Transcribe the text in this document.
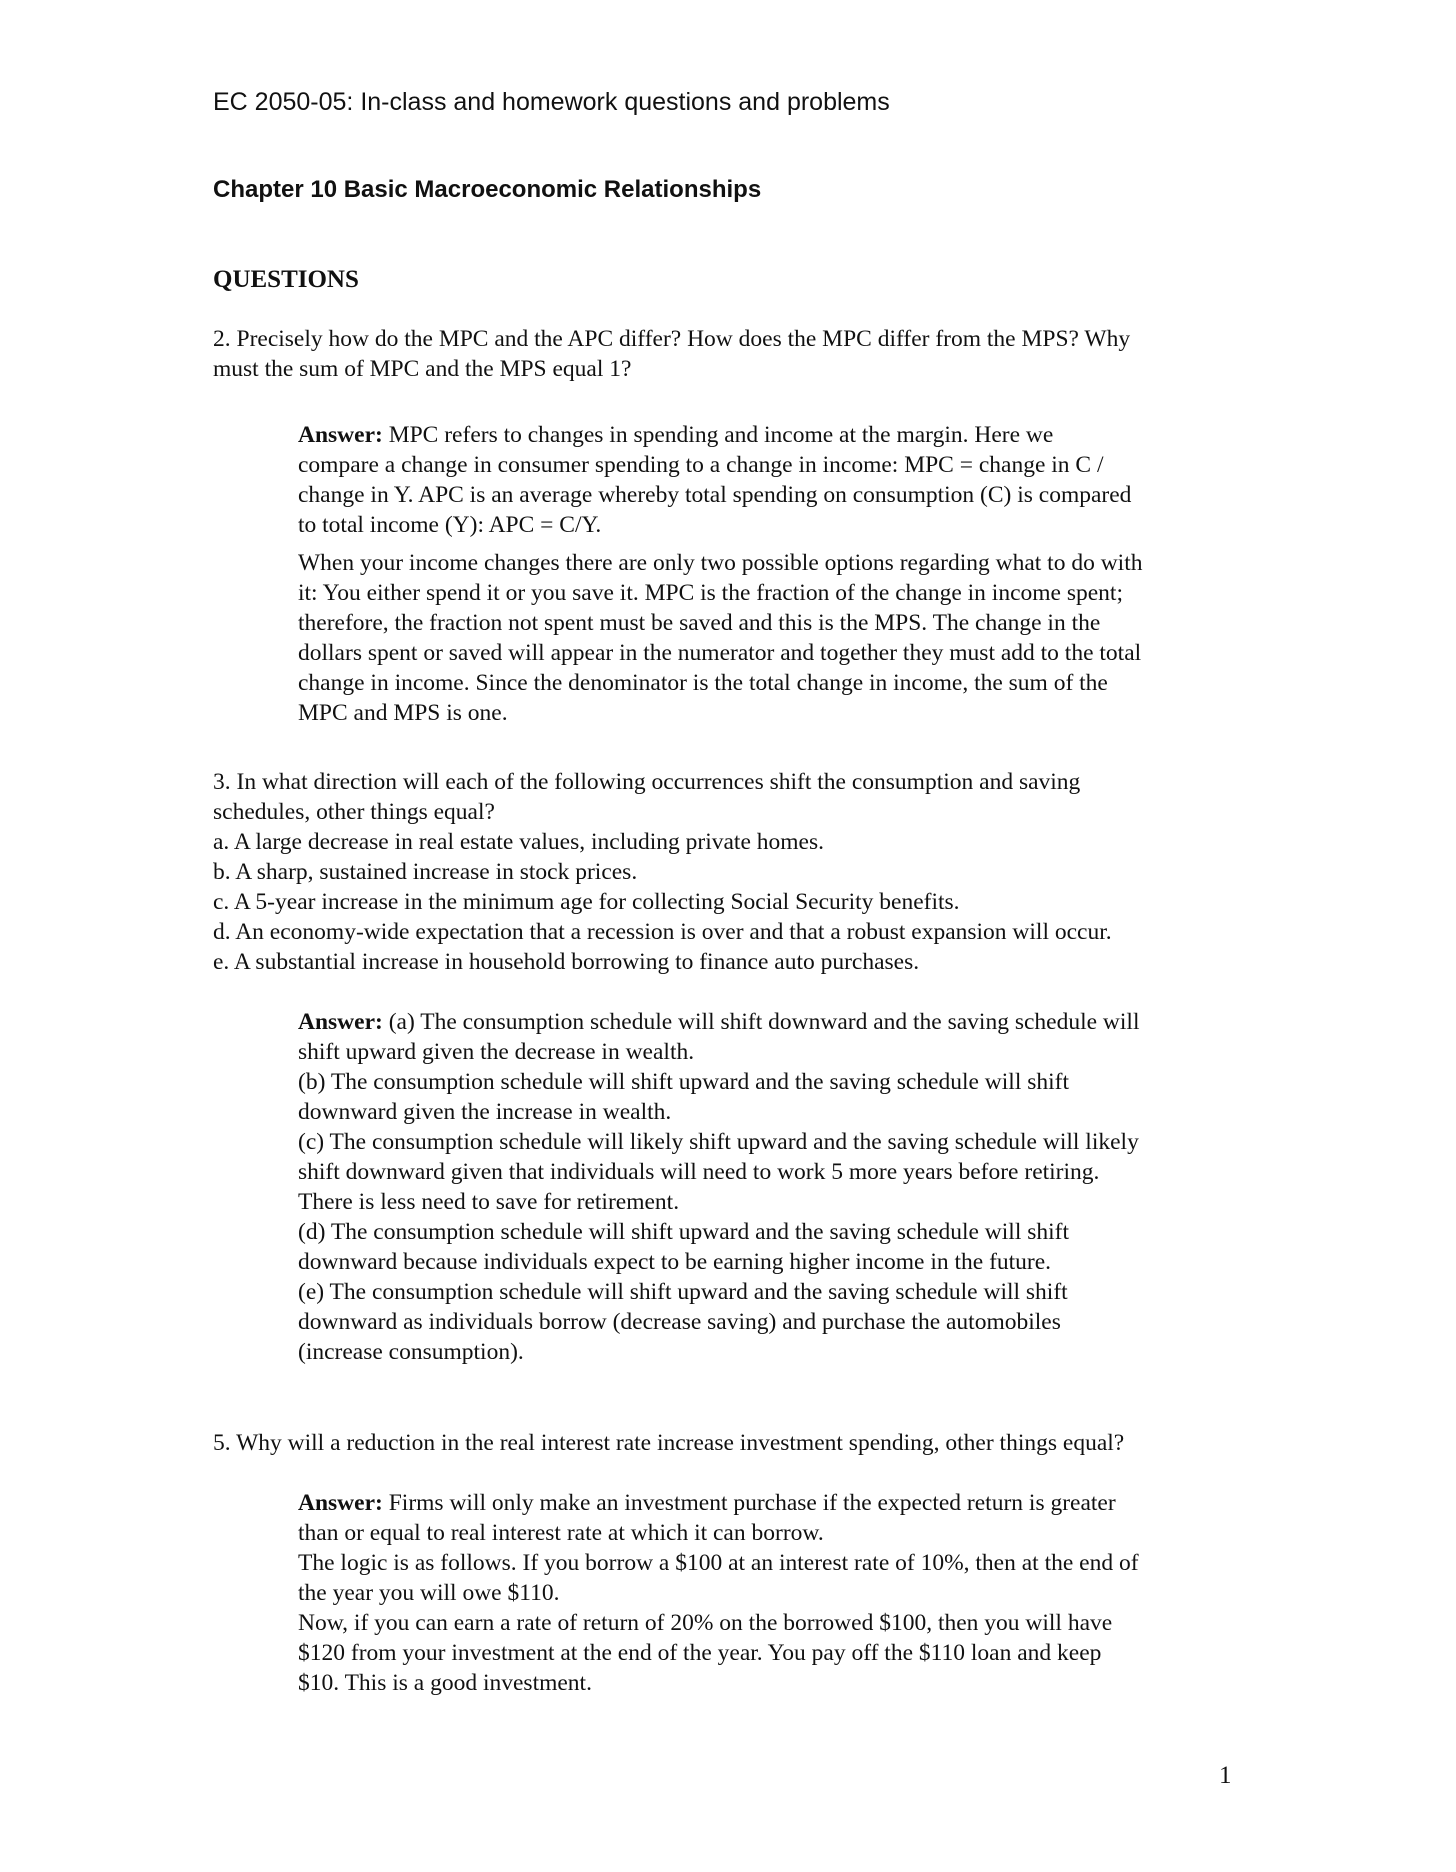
EC 2050-05: In-class and homework questions and problems
Chapter 10 Basic Macroeconomic Relationships
QUESTIONS
2. Precisely how do the MPC and the APC differ? How does the MPC differ from the MPS? Why
must the sum of MPC and the MPS equal 1?
Answer: MPC refers to changes in spending and income at the margin. Here we
compare a change in consumer spending to a change in income: MPC = change in C /
change in Y. APC is an average whereby total spending on consumption (C) is compared
to total income (Y): APC = C/Y.
When your income changes there are only two possible options regarding what to do with
it: You either spend it or you save it. MPC is the fraction of the change in income spent;
therefore, the fraction not spent must be saved and this is the MPS. The change in the
dollars spent or saved will appear in the numerator and together they must add to the total
change in income. Since the denominator is the total change in income, the sum of the
MPC and MPS is one.
3. In what direction will each of the following occurrences shift the consumption and saving
schedules, other things equal?
a. A large decrease in real estate values, including private homes.
b. A sharp, sustained increase in stock prices.
c. A 5-year increase in the minimum age for collecting Social Security benefits.
d. An economy-wide expectation that a recession is over and that a robust expansion will occur.
e. A substantial increase in household borrowing to finance auto purchases.
Answer: (a) The consumption schedule will shift downward and the saving schedule will
shift upward given the decrease in wealth.
(b) The consumption schedule will shift upward and the saving schedule will shift
downward given the increase in wealth.
(c) The consumption schedule will likely shift upward and the saving schedule will likely
shift downward given that individuals will need to work 5 more years before retiring.
There is less need to save for retirement.
(d) The consumption schedule will shift upward and the saving schedule will shift
downward because individuals expect to be earning higher income in the future.
(e) The consumption schedule will shift upward and the saving schedule will shift
downward as individuals borrow (decrease saving) and purchase the automobiles
(increase consumption).
5. Why will a reduction in the real interest rate increase investment spending, other things equal?
Answer: Firms will only make an investment purchase if the expected return is greater
than or equal to real interest rate at which it can borrow.
The logic is as follows. If you borrow a $100 at an interest rate of 10%, then at the end of
the year you will owe $110.
Now, if you can earn a rate of return of 20% on the borrowed $100, then you will have
$120 from your investment at the end of the year. You pay off the $110 loan and keep
$10. This is a good investment.
1
